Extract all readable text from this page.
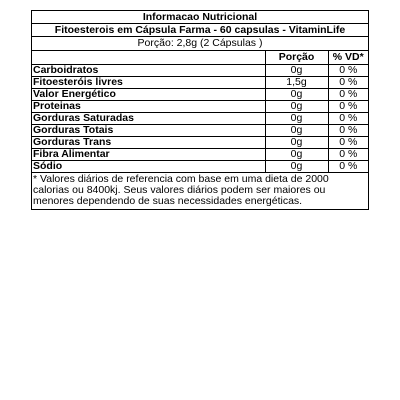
Informacao Nutricional
Fitoesterois em Cápsula Farma - 60 capsulas - VitaminLife
Porção: 2,8g (2 Cápsulas )
	Porção	% VD*
Carboidratos	0g	0 %
Fitoesteróis livres	1,5g	0 %
Valor Energético	0g	0 %
Proteinas	0g	0 %
Gorduras Saturadas	0g	0 %
Gorduras Totais	0g	0 %
Gorduras Trans	0g	0 %
Fibra Alimentar	0g	0 %
Sódio	0g	0 %
* Valores diários de referencia com base em uma dieta de 2000 calorias ou 8400kj. Seus valores diários podem ser maiores ou menores dependendo de suas necessidades energéticas.
